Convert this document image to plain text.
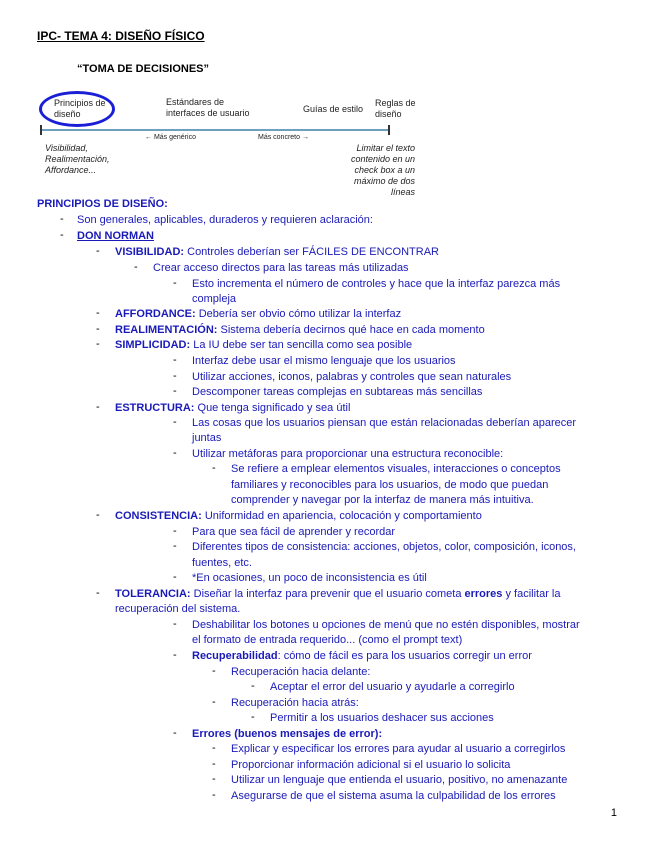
IPC- TEMA 4: DISEÑO FÍSICO
“TOMA DE DECISIONES”
Principios de diseño
Estándares de interfaces de usuario	Guías de estilo
Reglas de diseño
← Más genérico	Más concreto →
Visibilidad, Realimentación, Affordance...
Limitar el texto contenido en un check box a un máximo de dos líneas
PRINCIPIOS DE DISEÑO:
- Son generales, aplicables, duraderos y requieren aclaración:
- DON NORMAN
- VISIBILIDAD: Controles deberían ser FÁCILES DE ENCONTRAR
- Crear acceso directos para las tareas más utilizadas
- Esto incrementa el número de controles y hace que la interfaz parezca más
compleja
- AFFORDANCE: Debería ser obvio cómo utilizar la interfaz
- REALIMENTACIÓN: Sistema debería decirnos qué hace en cada momento
- SIMPLICIDAD: La IU debe ser tan sencilla como sea posible
- Interfaz debe usar el mismo lenguaje que los usuarios
- Utilizar acciones, iconos, palabras y controles que sean naturales
- Descomponer tareas complejas en subtareas más sencillas
- ESTRUCTURA: Que tenga significado y sea útil
- Las cosas que los usuarios piensan que están relacionadas deberían aparecer
juntas
- Utilizar metáforas para proporcionar una estructura reconocible:
- Se refiere a emplear elementos visuales, interacciones o conceptos
familiares y reconocibles para los usuarios, de modo que puedan
comprender y navegar por la interfaz de manera más intuitiva.
- CONSISTENCIA: Uniformidad en apariencia, colocación y comportamiento
- Para que sea fácil de aprender y recordar
- Diferentes tipos de consistencia: acciones, objetos, color, composición, iconos,
fuentes, etc.
- *En ocasiones, un poco de inconsistencia es útil
- TOLERANCIA: Diseñar la interfaz para prevenir que el usuario cometa errores y facilitar la
recuperación del sistema.
- Deshabilitar los botones u opciones de menú que no estén disponibles, mostrar
el formato de entrada requerido... (como el prompt text)
- Recuperabilidad: cómo de fácil es para los usuarios corregir un error
- Recuperación hacia delante:
- Aceptar el error del usuario y ayudarle a corregirlo
- Recuperación hacia atrás:
- Permitir a los usuarios deshacer sus acciones
- Errores (buenos mensajes de error):
- Explicar y especificar los errores para ayudar al usuario a corregirlos
- Proporcionar información adicional si el usuario lo solicita
- Utilizar un lenguaje que entienda el usuario, positivo, no amenazante
- Asegurarse de que el sistema asuma la culpabilidad de los errores
1
